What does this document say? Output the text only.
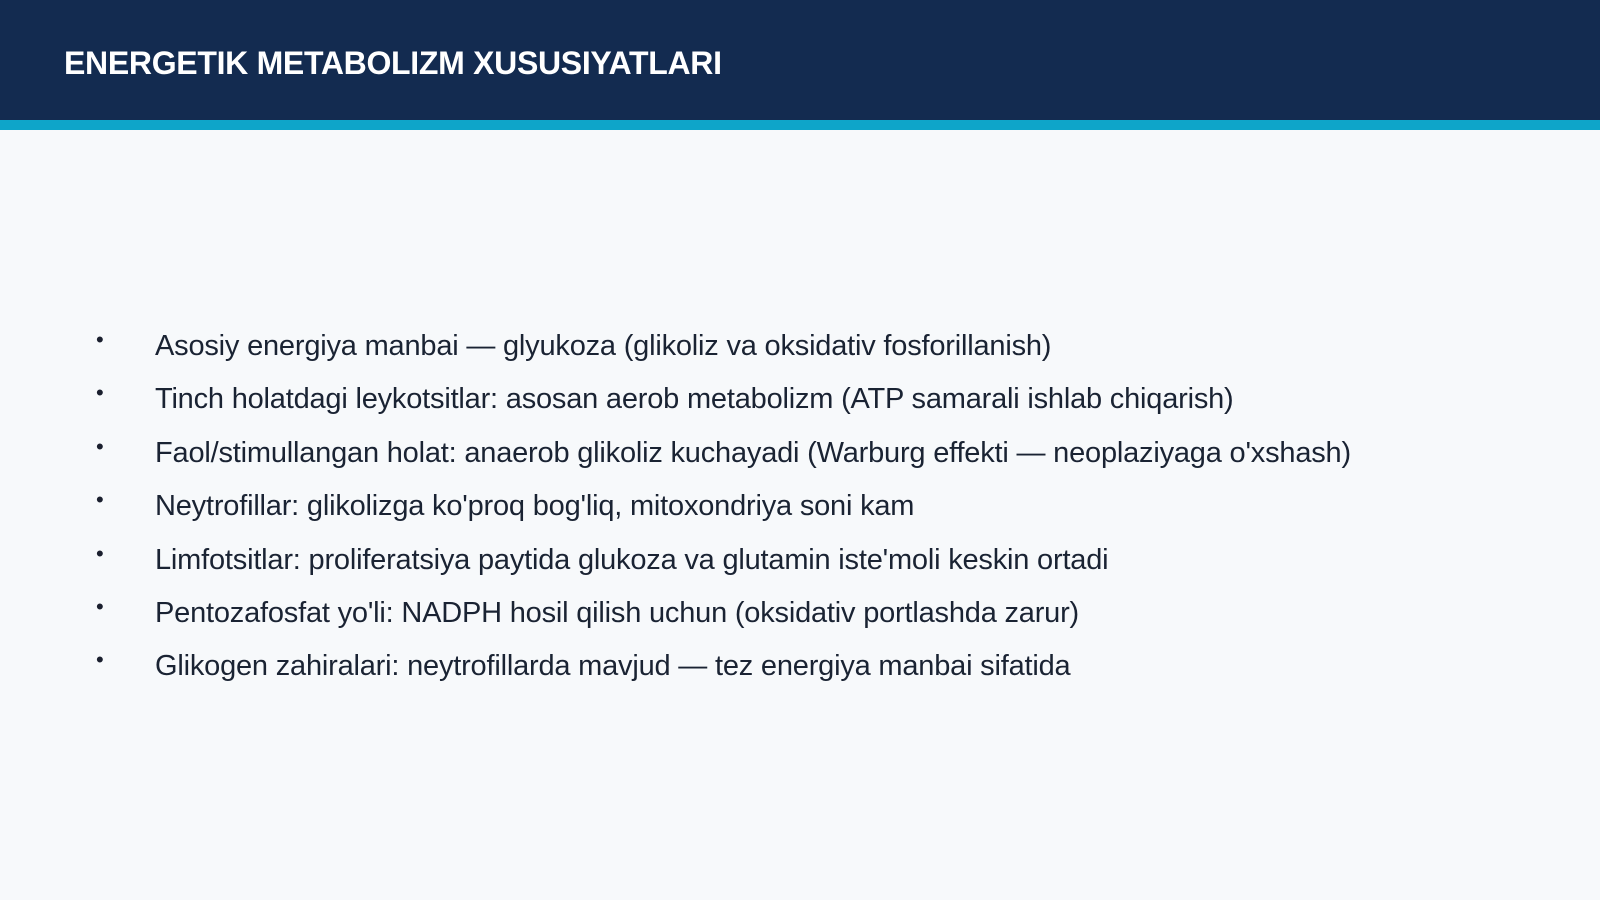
ENERGETIK METABOLIZM XUSUSIYATLARI
•	Asosiy energiya manbai — glyukoza (glikoliz va oksidativ fosforillanish)
•	Tinch holatdagi leykotsitlar: asosan aerob metabolizm (ATP samarali ishlab chiqarish)
•	Faol/stimullangan holat: anaerob glikoliz kuchayadi (Warburg effekti — neoplaziyaga o'xshash)
•	Neytrofillar: glikolizga ko'proq bog'liq, mitoxondriya soni kam
•	Limfotsitlar: proliferatsiya paytida glukoza va glutamin iste'moli keskin ortadi
•	Pentozafosfat yo'li: NADPH hosil qilish uchun (oksidativ portlashda zarur)
•	Glikogen zahiralari: neytrofillarda mavjud — tez energiya manbai sifatida
